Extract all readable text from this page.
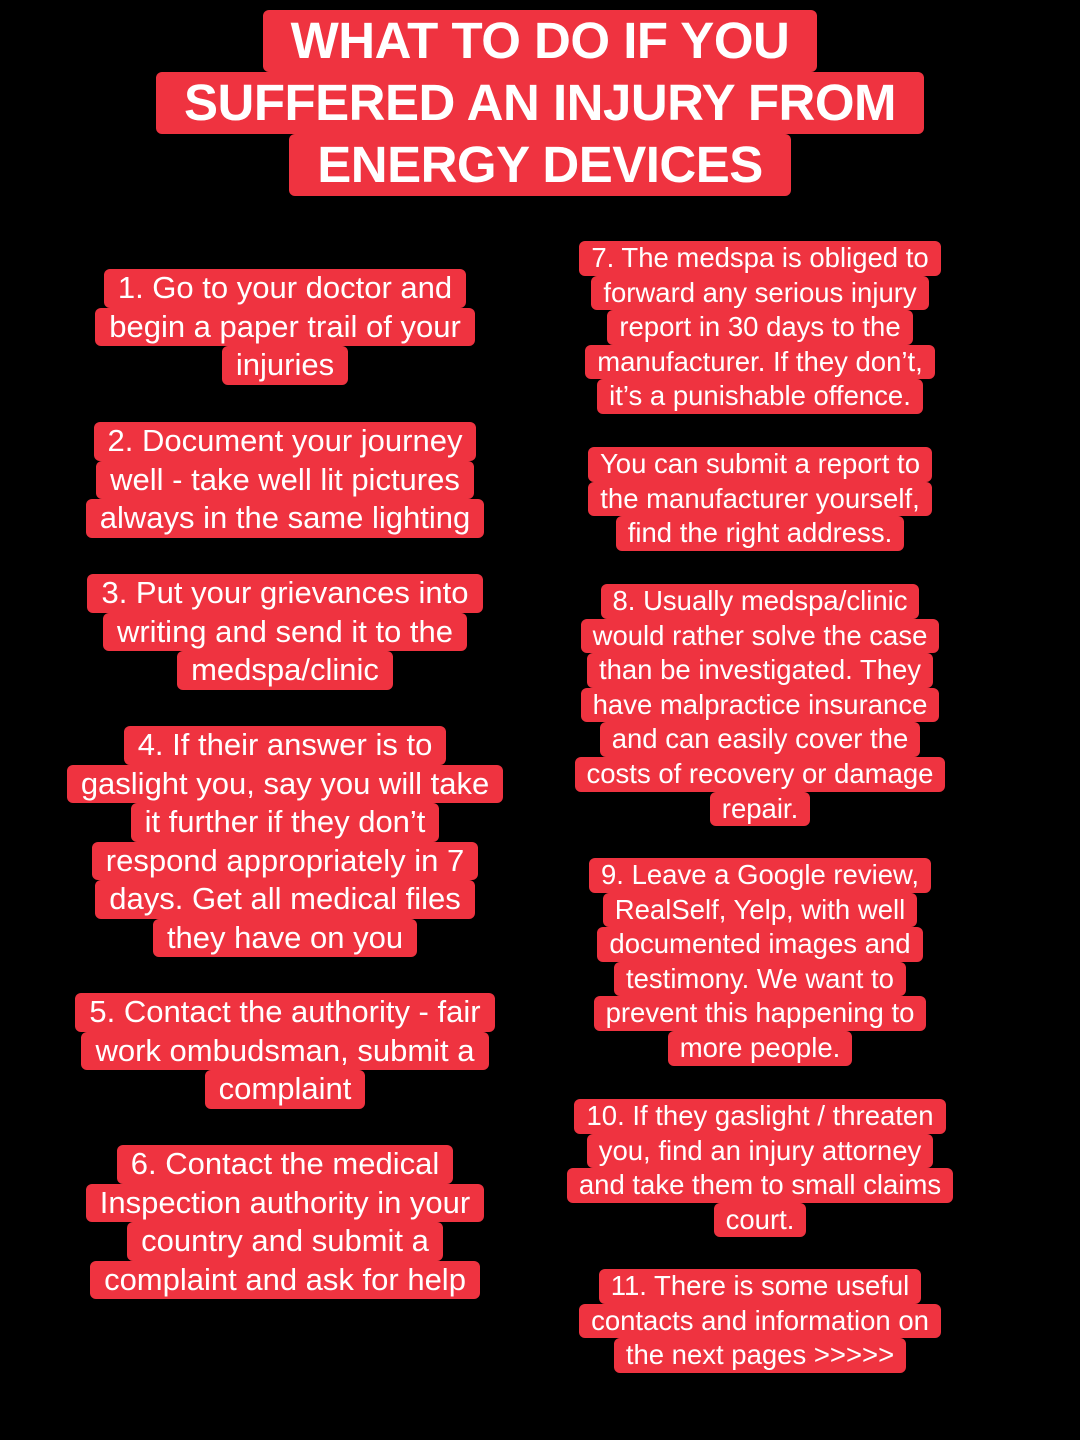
WHAT TO DO IF YOU
SUFFERED AN INJURY FROM
ENERGY DEVICES
1. Go to your doctor and
begin a paper trail of your
injuries
2. Document your journey
well - take well lit pictures
always in the same lighting
3. Put your grievances into
writing and send it to the
medspa/clinic
4. If their answer is to
gaslight you, say you will take
it further if they don’t
respond appropriately in 7
days. Get all medical files
they have on you
5. Contact the authority - fair
work ombudsman, submit a
complaint
6. Contact the medical
Inspection authority in your
country and submit a
complaint and ask for help
7. The medspa is obliged to
forward any serious injury
report in 30 days to the
manufacturer. If they don’t,
it’s a punishable offence.
You can submit a report to
the manufacturer yourself,
find the right address.
8. Usually medspa/clinic
would rather solve the case
than be investigated. They
have malpractice insurance
and can easily cover the
costs of recovery or damage
repair.
9. Leave a Google review,
RealSelf, Yelp, with well
documented images and
testimony. We want to
prevent this happening to
more people.
10. If they gaslight / threaten
you, find an injury attorney
and take them to small claims
court.
11. There is some useful
contacts and information on
the next pages >>>>>
